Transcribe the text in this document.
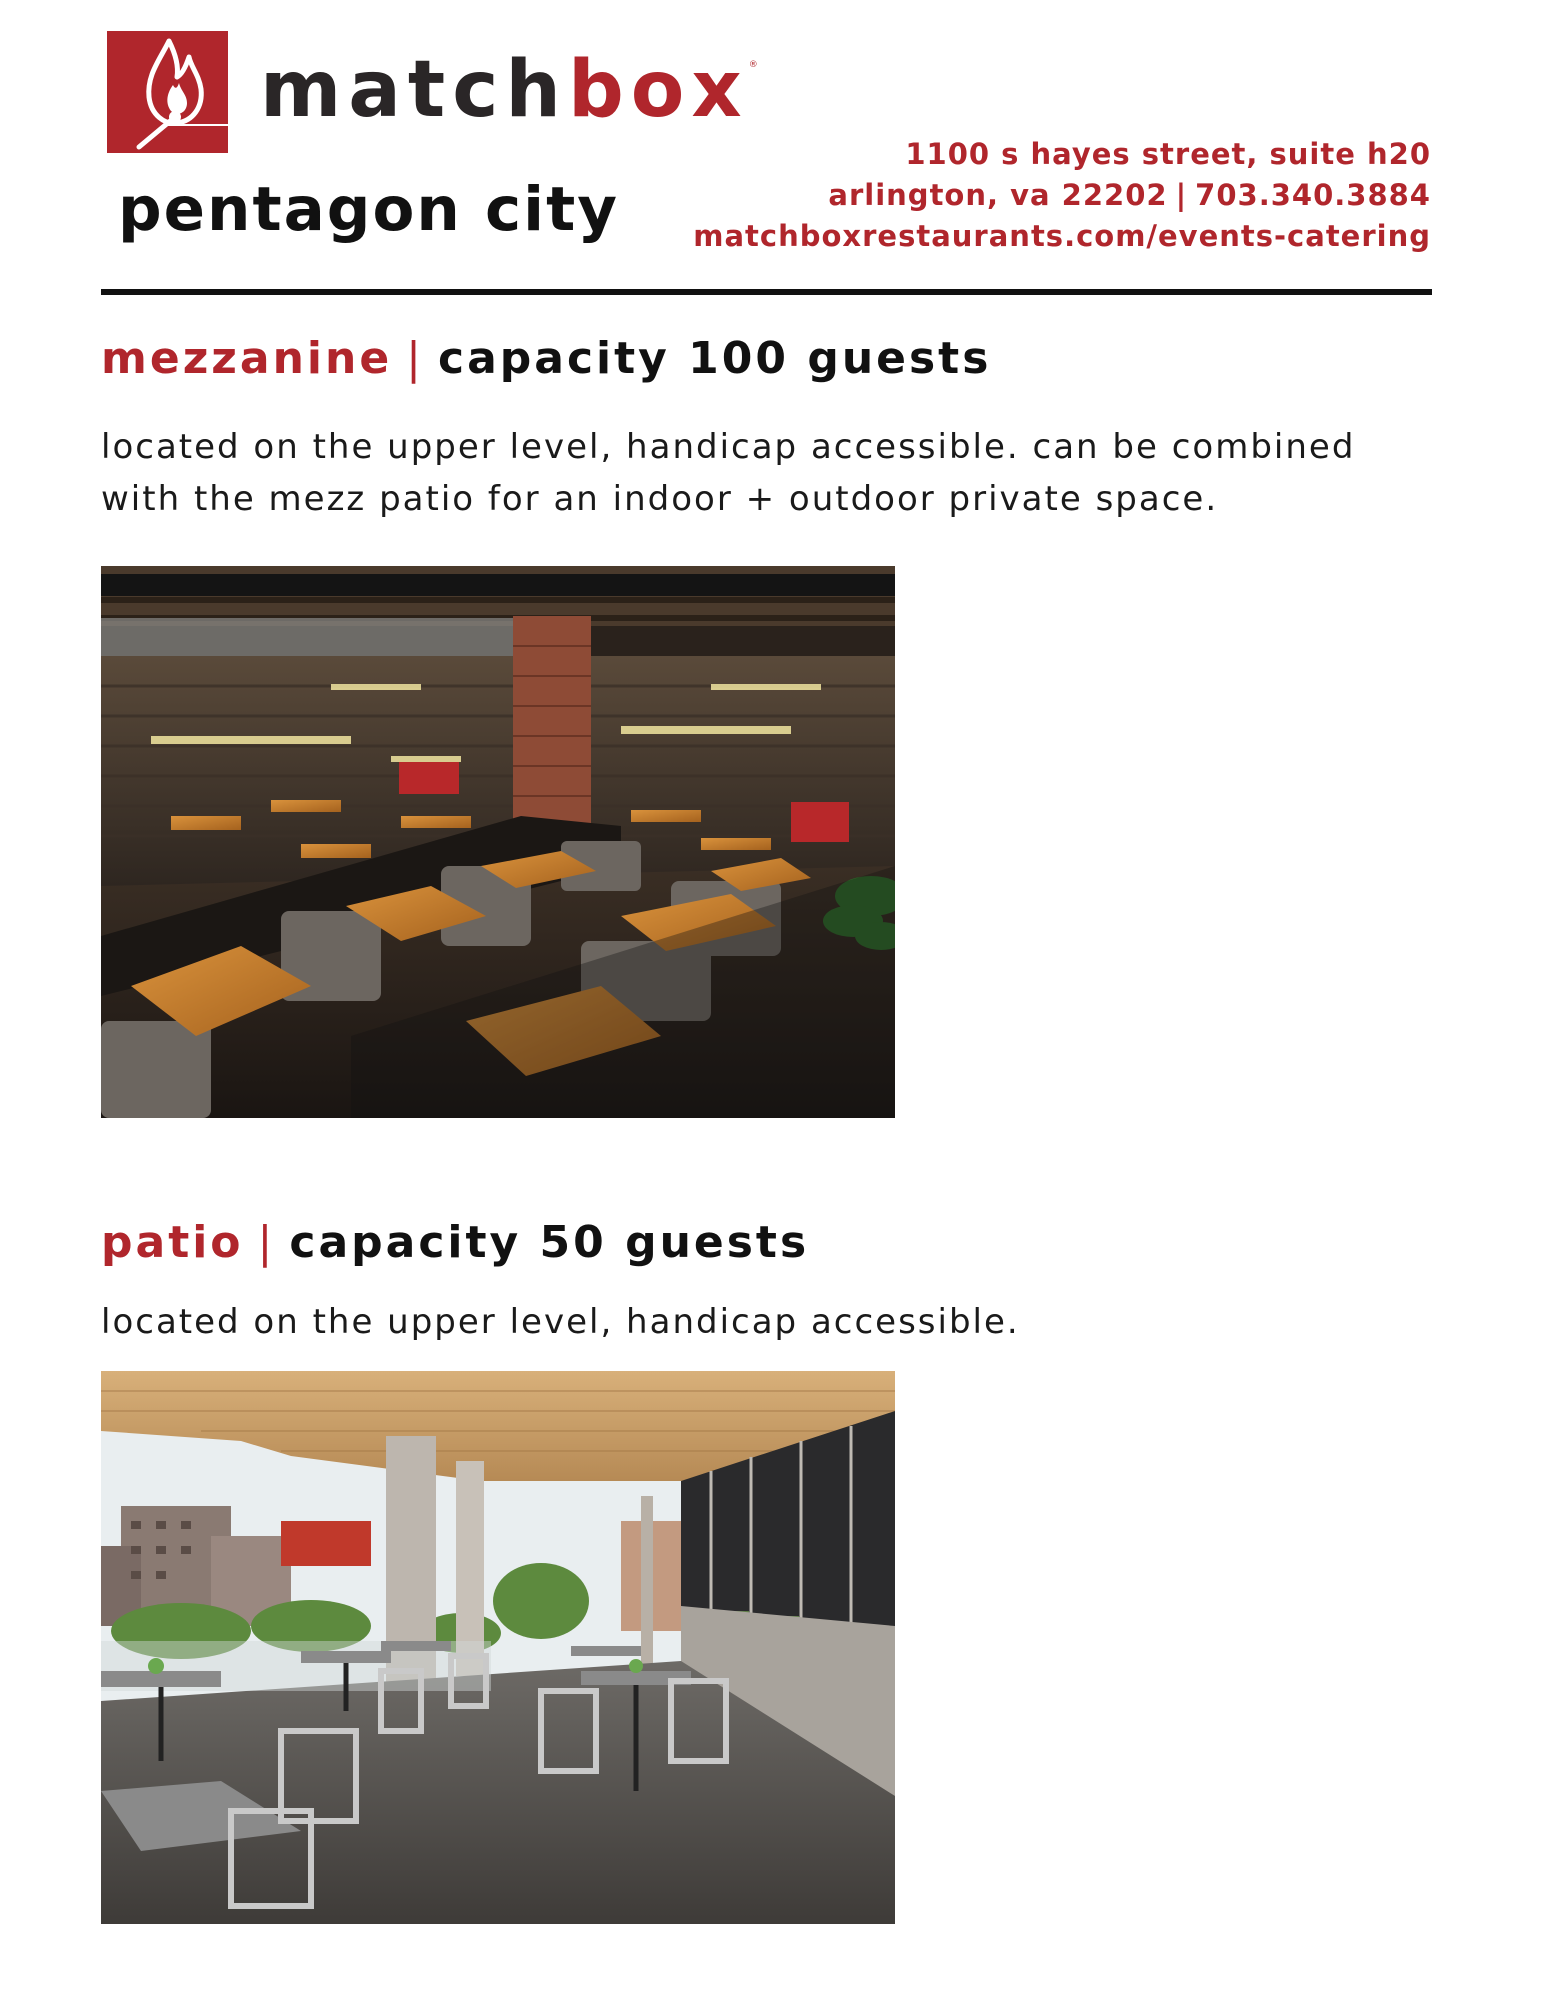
matchbox®
pentagon city
1100 s hayes street, suite h20
arlington, va 22202 | 703.340.3884
matchboxrestaurants.com/events-catering
mezzanine | capacity 100 guests
located on the upper level, handicap accessible. can be combined
with the mezz patio for an indoor + outdoor private space.
patio | capacity 50 guests
located on the upper level, handicap accessible.
